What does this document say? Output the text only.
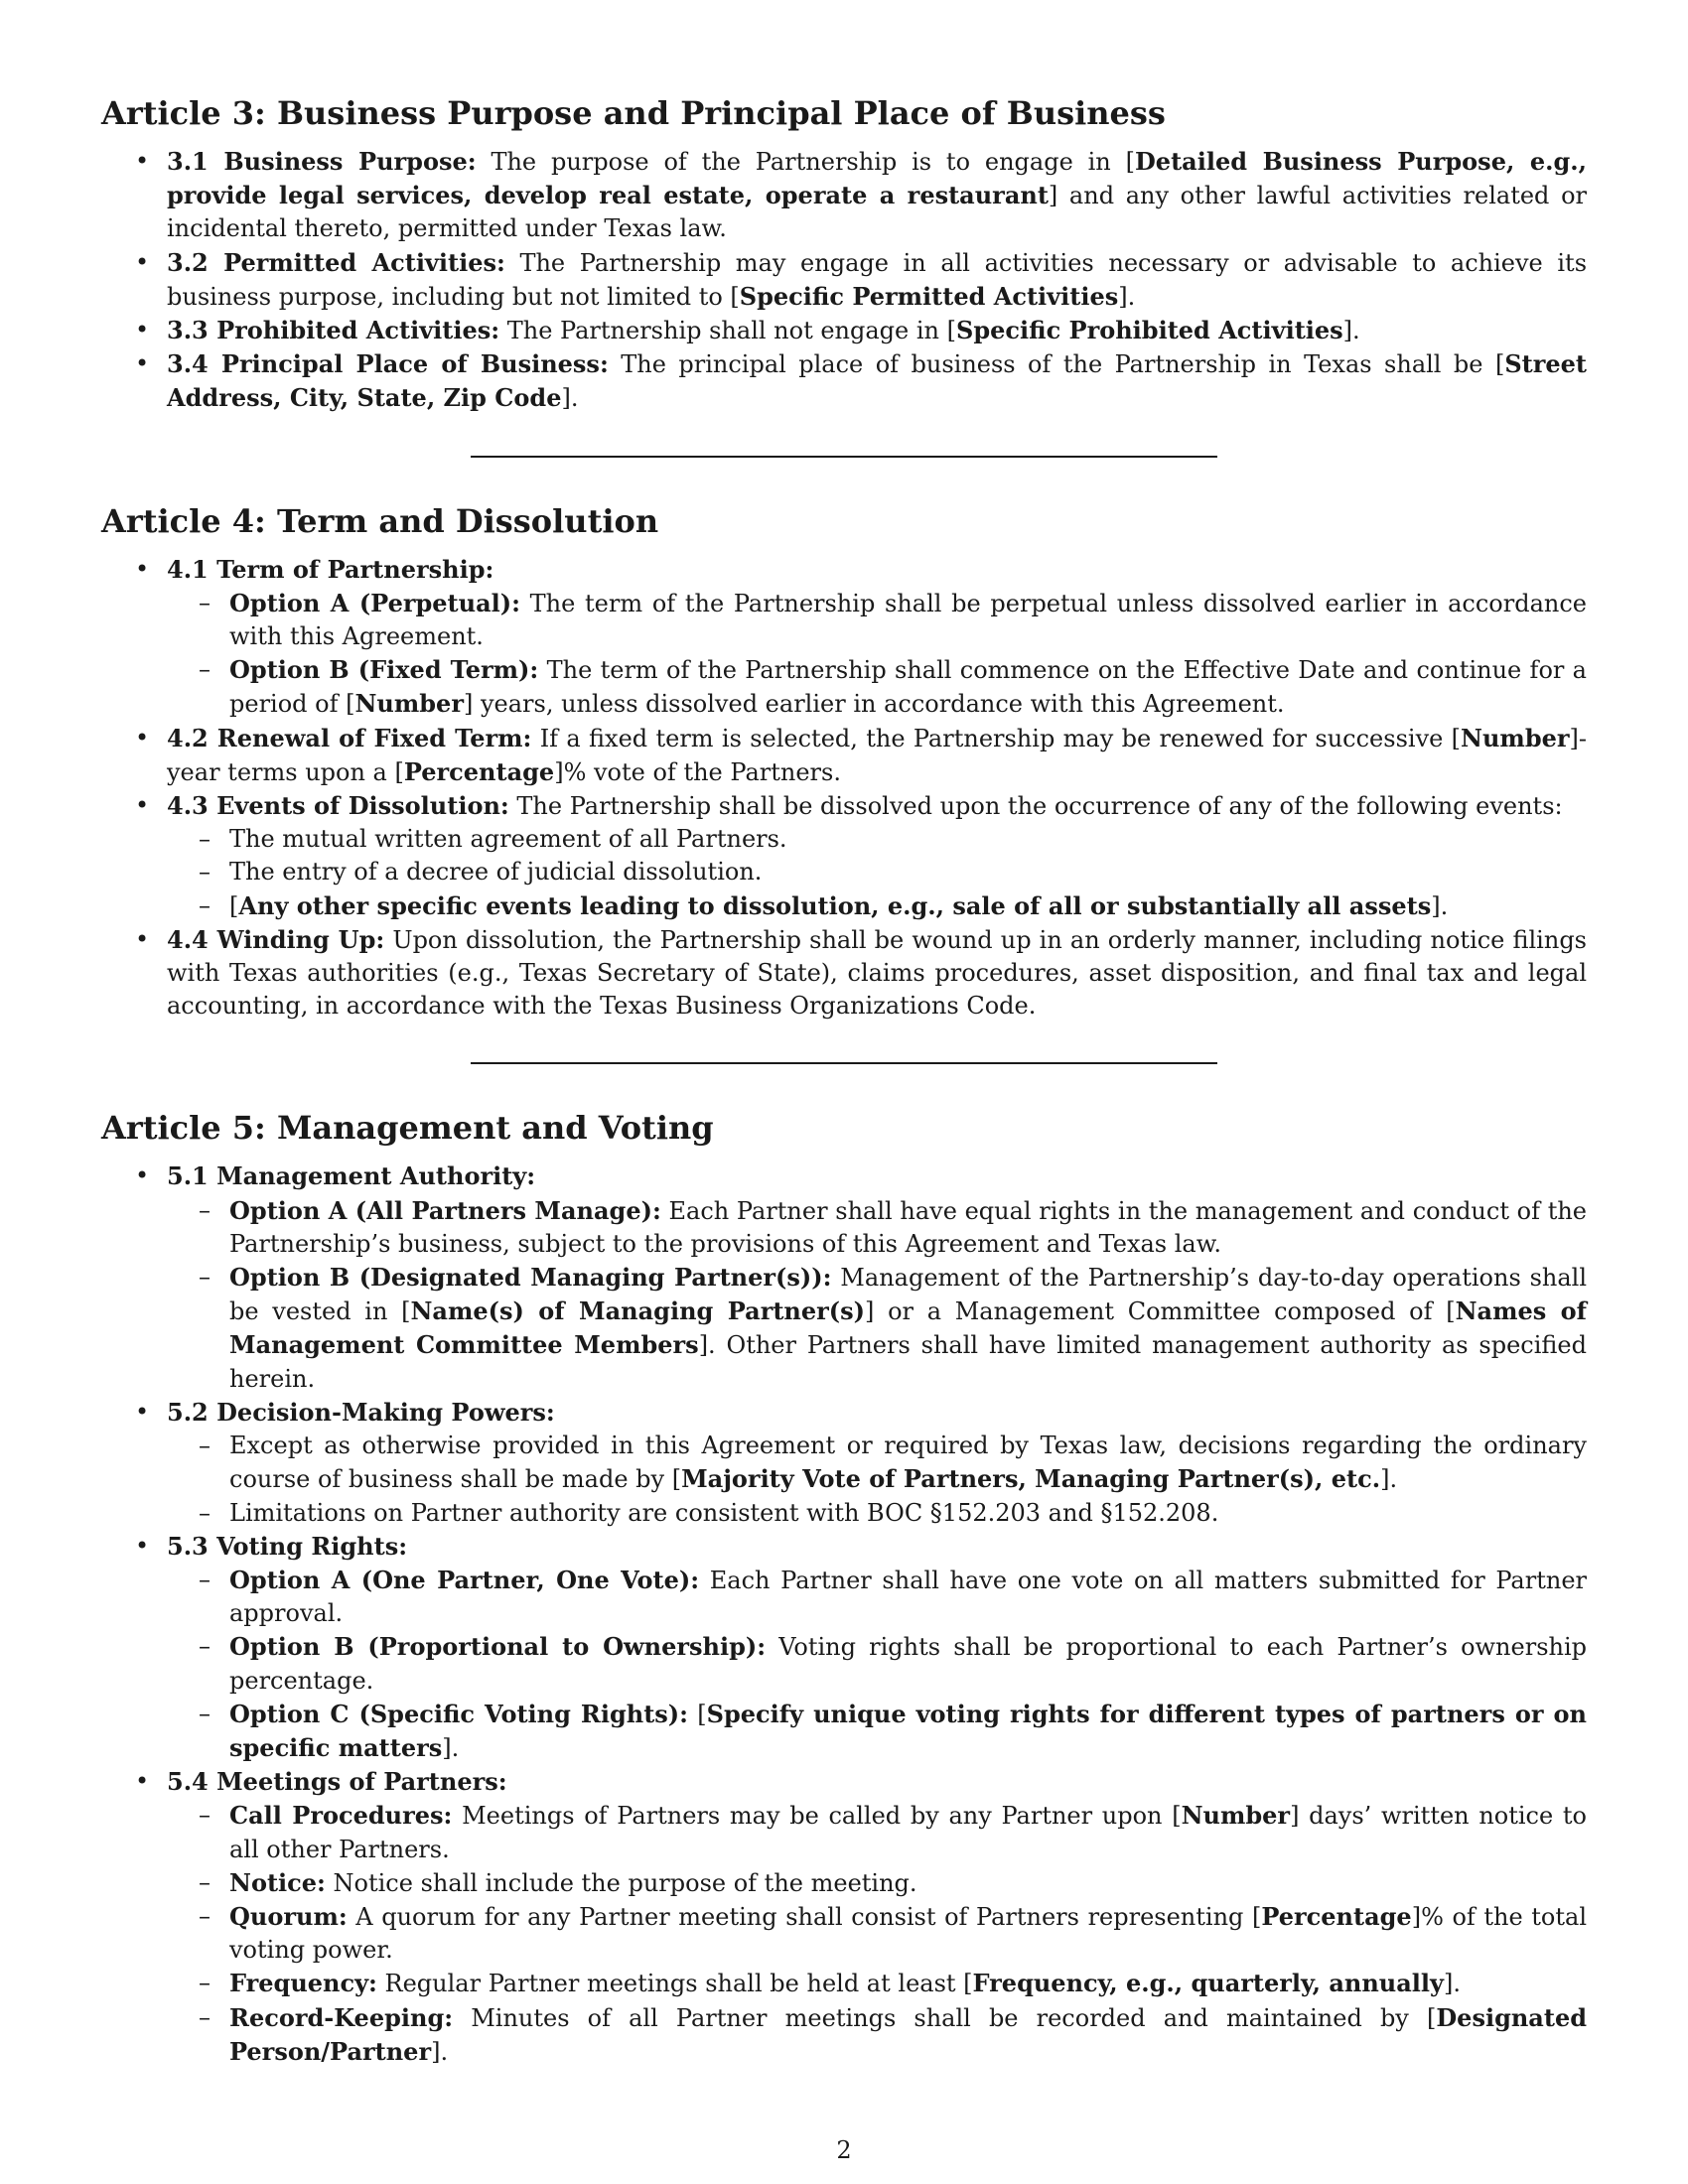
Article 3: Business Purpose and Principal Place of Business
• 3.1 Business Purpose: The purpose of the Partnership is to engage in [Detailed Business Purpose, e.g., provide legal services, develop real estate, operate a restaurant] and any other lawful activities related or incidental thereto, permitted under Texas law.
• 3.2 Permitted Activities: The Partnership may engage in all activities necessary or advisable to achieve its business purpose, including but not limited to [Specific Permitted Activities].
• 3.3 Prohibited Activities: The Partnership shall not engage in [Specific Prohibited Activities].
• 3.4 Principal Place of Business: The principal place of business of the Partnership in Texas shall be [Street Address, City, State, Zip Code].
Article 4: Term and Dissolution
• 4.1 Term of Partnership:
– Option A (Perpetual): The term of the Partnership shall be perpetual unless dissolved earlier in accordance with this Agreement.
– Option B (Fixed Term): The term of the Partnership shall commence on the Effective Date and continue for a period of [Number] years, unless dissolved earlier in accordance with this Agreement.
• 4.2 Renewal of Fixed Term: If a fixed term is selected, the Partnership may be renewed for successive [Number]-year terms upon a [Percentage]% vote of the Partners.
• 4.3 Events of Dissolution: The Partnership shall be dissolved upon the occurrence of any of the following events:
– The mutual written agreement of all Partners.
– The entry of a decree of judicial dissolution.
– [Any other specific events leading to dissolution, e.g., sale of all or substantially all assets].
• 4.4 Winding Up: Upon dissolution, the Partnership shall be wound up in an orderly manner, including notice filings with Texas authorities (e.g., Texas Secretary of State), claims procedures, asset disposition, and final tax and legal accounting, in accordance with the Texas Business Organizations Code.
Article 5: Management and Voting
• 5.1 Management Authority:
– Option A (All Partners Manage): Each Partner shall have equal rights in the management and conduct of the Partnership’s business, subject to the provisions of this Agreement and Texas law.
– Option B (Designated Managing Partner(s)): Management of the Partnership’s day-to-day operations shall be vested in [Name(s) of Managing Partner(s)] or a Management Committee composed of [Names of Management Committee Members]. Other Partners shall have limited management authority as specified herein.
• 5.2 Decision-Making Powers:
– Except as otherwise provided in this Agreement or required by Texas law, decisions regarding the ordinary course of business shall be made by [Majority Vote of Partners, Managing Partner(s), etc.].
– Limitations on Partner authority are consistent with BOC §152.203 and §152.208.
• 5.3 Voting Rights:
– Option A (One Partner, One Vote): Each Partner shall have one vote on all matters submitted for Partner approval.
– Option B (Proportional to Ownership): Voting rights shall be proportional to each Partner’s ownership percentage.
– Option C (Specific Voting Rights): [Specify unique voting rights for different types of partners or on specific matters].
• 5.4 Meetings of Partners:
– Call Procedures: Meetings of Partners may be called by any Partner upon [Number] days’ written notice to all other Partners.
– Notice: Notice shall include the purpose of the meeting.
– Quorum: A quorum for any Partner meeting shall consist of Partners representing [Percentage]% of the total voting power.
– Frequency: Regular Partner meetings shall be held at least [Frequency, e.g., quarterly, annually].
– Record-Keeping: Minutes of all Partner meetings shall be recorded and maintained by [Designated Person/Partner].
2
